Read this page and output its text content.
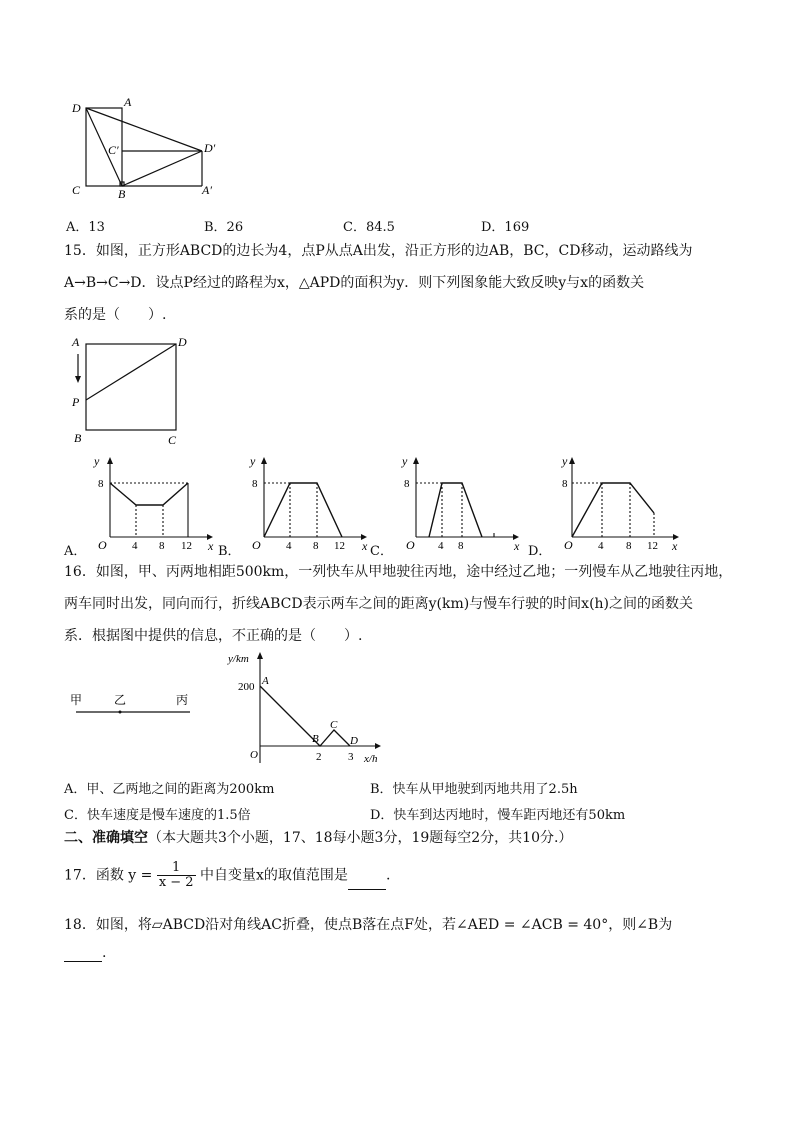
D	A
C′	D′
C	B	A′
A．13	B．26	C．84.5	D．169
15．如图，正方形ABCD的边长为4，点P从点A出发，沿正方形的边AB，BC，CD移动，运动路线为
A→B→C→D．设点P经过的路程为x，△APD的面积为y．则下列图象能大致反映y与x的函数关
系的是（　　）.
A	D
P
B	C
A．	B．	C．	D．
y
x
O
8
4 8 12
y
x
O
8
4 8 12
y
x
O
8
4 8
y
x
O
8
4 8 12
16．如图，甲、丙两地相距500km，一列快车从甲地驶往丙地，途中经过乙地；一列慢车从乙地驶往丙地，
两车同时出发，同向而行，折线ABCD表示两车之间的距离y(km)与慢车行驶的时间x(h)之间的函数关
系．根据图中提供的信息，不正确的是（　　）.
甲	乙	丙
y/km
x/h
O
200
2 3
A
B
C
D
A．甲、乙两地之间的距离为200km	B．快车从甲地驶到丙地共用了2.5h
C．快车速度是慢车速度的1.5倍	D．快车到达丙地时，慢车距丙地还有50km
二、准确填空（本大题共3个小题，17、18每小题3分，19题每空2分，共10分.）
17．函数 $y = \frac{1}{x - 2}$ 中自变量x的取值范围是	.
18．如图，将▱ABCD沿对角线AC折叠，使点B落在点F处，若∠AED = ∠ACB = 40°，则∠B为
.
